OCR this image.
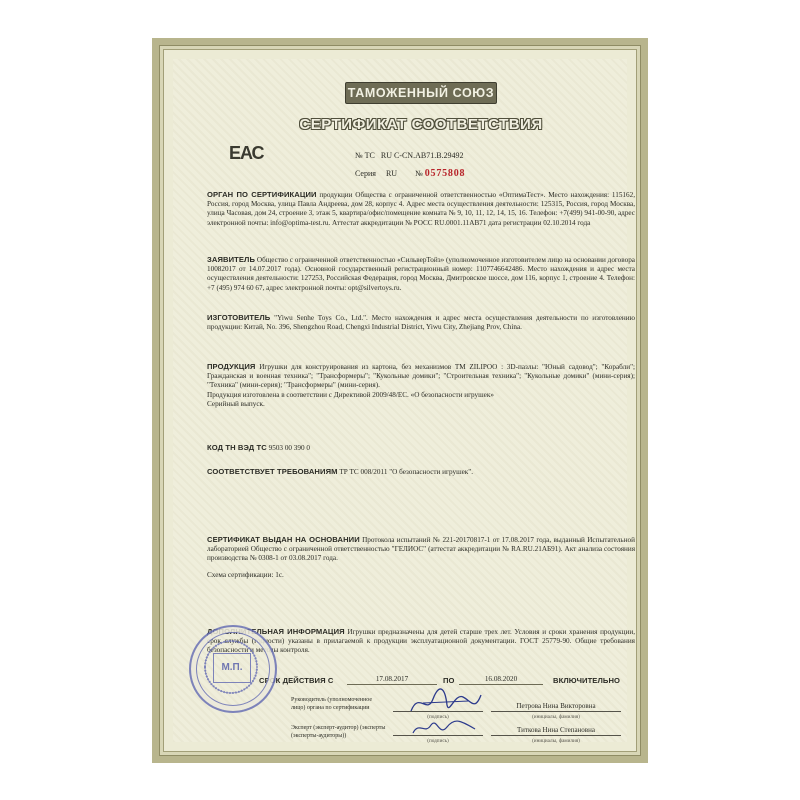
ТАМОЖЕННЫЙ СОЮЗ
СЕРТИФИКАТ СООТВЕТСТВИЯ
ЕАС	№ ТС RU C-CN.АВ71.В.29492
Серия RU № 0575808
ОРГАН ПО СЕРТИФИКАЦИИ продукции Общества с ограниченной ответственностью «ОптимаТест». Место нахождения: 115162, Россия, город Москва, улица Павла Андреева, дом 28, корпус 4. Адрес места осуществления деятельности: 125315, Россия, город Москва, улица Часовая, дом 24, строение 3, этаж 5, квартира/офис/помещение комната № 9, 10, 11, 12, 14, 15, 16. Телефон: +7(499) 941-00-90, адрес электронной почты: info@optima-test.ru. Аттестат аккредитации № РОСС RU.0001.11АВ71 дата регистрации 02.10.2014 года
ЗАЯВИТЕЛЬ Общество с ограниченной ответственностью «СильверТойз» (уполномоченное изготовителем лицо на основании договора 10082017 от 14.07.2017 года). Основной государственный регистрационный номер: 1107746642486. Место нахождения и адрес места осуществления деятельности: 127253, Российская Федерация, город Москва, Дмитровское шоссе, дом 116, корпус 1, строение 4. Телефон: +7 (495) 974 60 67, адрес электронной почты: opt@silvertoys.ru.
ИЗГОТОВИТЕЛЬ "Yiwu Senhe Toys Co., Ltd.". Место нахождения и адрес места осуществления деятельности по изготовлению продукции: Китай, No. 396, Shengzhou Road, Chengxi Industrial District, Yiwu City, Zhejiang Prov, China.
ПРОДУКЦИЯ Игрушки для конструирования из картона, без механизмов ТМ ZILIPOO : 3D-пазлы: "Юный садовод"; "Корабли"; Гражданская и военная техника"; "Трансформеры"; "Кукольные домики"; "Строительная техника"; "Кукольные домики" (мини-серия); "Техника" (мини-серия); "Трансформеры" (мини-серия).
Продукция изготовлена в соответствии с Директивой 2009/48/ЕС. «О безопасности игрушек»
Серийный выпуск.
КОД ТН ВЭД ТС 9503 00 390 0
СООТВЕТСТВУЕТ ТРЕБОВАНИЯМ ТР ТС 008/2011 "О безопасности игрушек".
СЕРТИФИКАТ ВЫДАН НА ОСНОВАНИИ Протокола испытаний № 221-20170817-1 от 17.08.2017 года, выданный Испытательной лабораторией Общество с ограниченной ответственностью "ГЕЛИОС" (аттестат аккредитации № RA.RU.21АБ91). Акт анализа состояния производства № 0308-1 от 03.08.2017 года.
Схема сертификации: 1с.
ДОПОЛНИТЕЛЬНАЯ ИНФОРМАЦИЯ Игрушки предназначены для детей старше трех лет. Условия и сроки хранения продукции, срок службы (годности) указаны в прилагаемой к продукции эксплуатационной документации. ГОСТ 25779-90. Общие требования безопасности и методы контроля.
СРОК ДЕЙСТВИЯ С	17.08.2017	ПО	16.08.2020	ВКЛЮЧИТЕЛЬНО
Руководитель (уполномоченное лицо) органа по сертификации
(подпись)
Петрова Нина Викторовна
(инициалы, фамилия)
Эксперт (эксперт-аудитор) (эксперты (эксперты-аудиторы))
(подпись)
Титкова Нина Степановна
(инициалы, фамилия)
М.П.
